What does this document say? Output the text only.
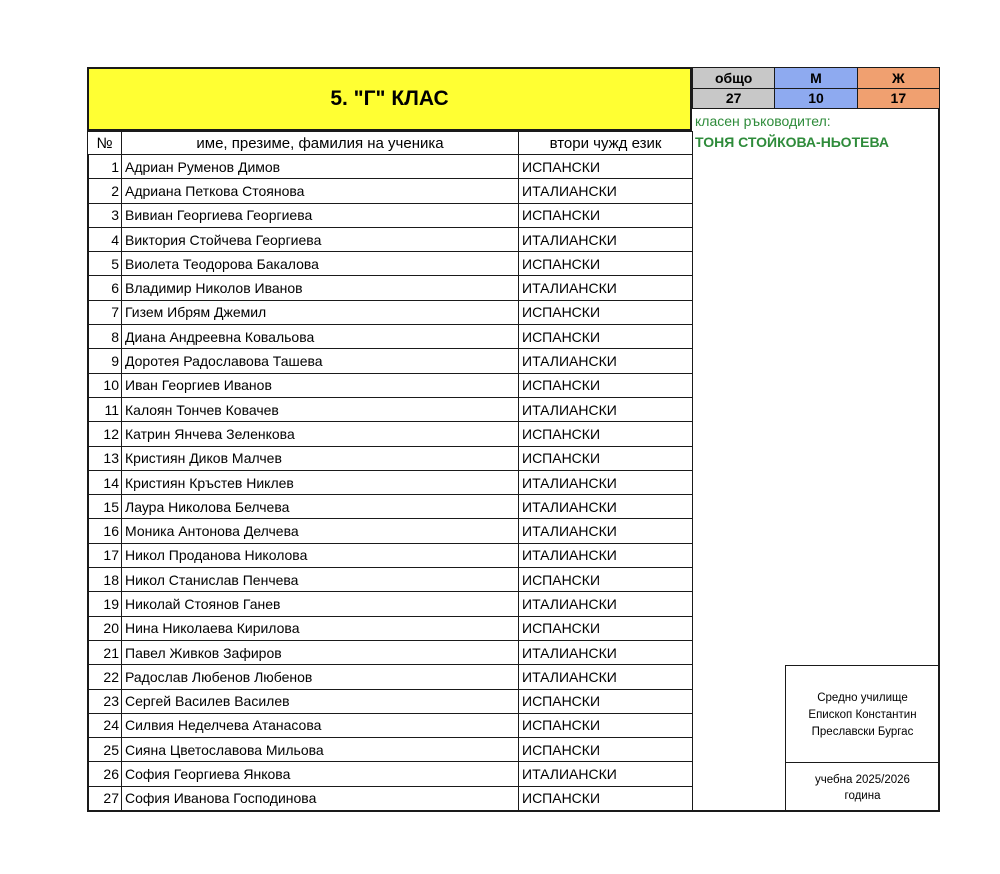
5. "Г" КЛАС
общо	М	Ж
27	10	17
класен ръководител:
ТОНЯ СТОЙКОВА-НЬОТЕВА
№	име, презиме, фамилия на ученика	втори чужд език
1	Адриан Руменов Димов	ИСПАНСКИ
2	Адриана Петкова Стоянова	ИТАЛИАНСКИ
3	Вивиан Георгиева Георгиева	ИСПАНСКИ
4	Виктория Стойчева Георгиева	ИТАЛИАНСКИ
5	Виолета Теодорова Бакалова	ИСПАНСКИ
6	Владимир Николов Иванов	ИТАЛИАНСКИ
7	Гизем Ибрям Джемил	ИСПАНСКИ
8	Диана Андреевна Ковальова	ИСПАНСКИ
9	Доротея Радославова Ташева	ИТАЛИАНСКИ
10	Иван Георгиев Иванов	ИСПАНСКИ
11	Калоян Тончев Ковачев	ИТАЛИАНСКИ
12	Катрин Янчева Зеленкова	ИСПАНСКИ
13	Кристиян Диков Малчев	ИСПАНСКИ
14	Кристиян Кръстев Никлев	ИТАЛИАНСКИ
15	Лаура Николова Белчева	ИТАЛИАНСКИ
16	Моника Антонова Делчева	ИТАЛИАНСКИ
17	Никол Проданова Николова	ИТАЛИАНСКИ
18	Никол Станислав Пенчева	ИСПАНСКИ
19	Николай Стоянов Ганев	ИТАЛИАНСКИ
20	Нина Николаева Кирилова	ИСПАНСКИ
21	Павел Живков Зафиров	ИТАЛИАНСКИ
22	Радослав Любенов Любенов	ИТАЛИАНСКИ
23	Сергей Василев Василев	ИСПАНСКИ
24	Силвия Неделчева Атанасова	ИСПАНСКИ
25	Сияна Цветославова Мильова	ИСПАНСКИ
26	София Георгиева Янкова	ИТАЛИАНСКИ
27	София Иванова Господинова	ИСПАНСКИ
Средно училище
Епископ Константин
Преславски Бургас
учебна 2025/2026
година
